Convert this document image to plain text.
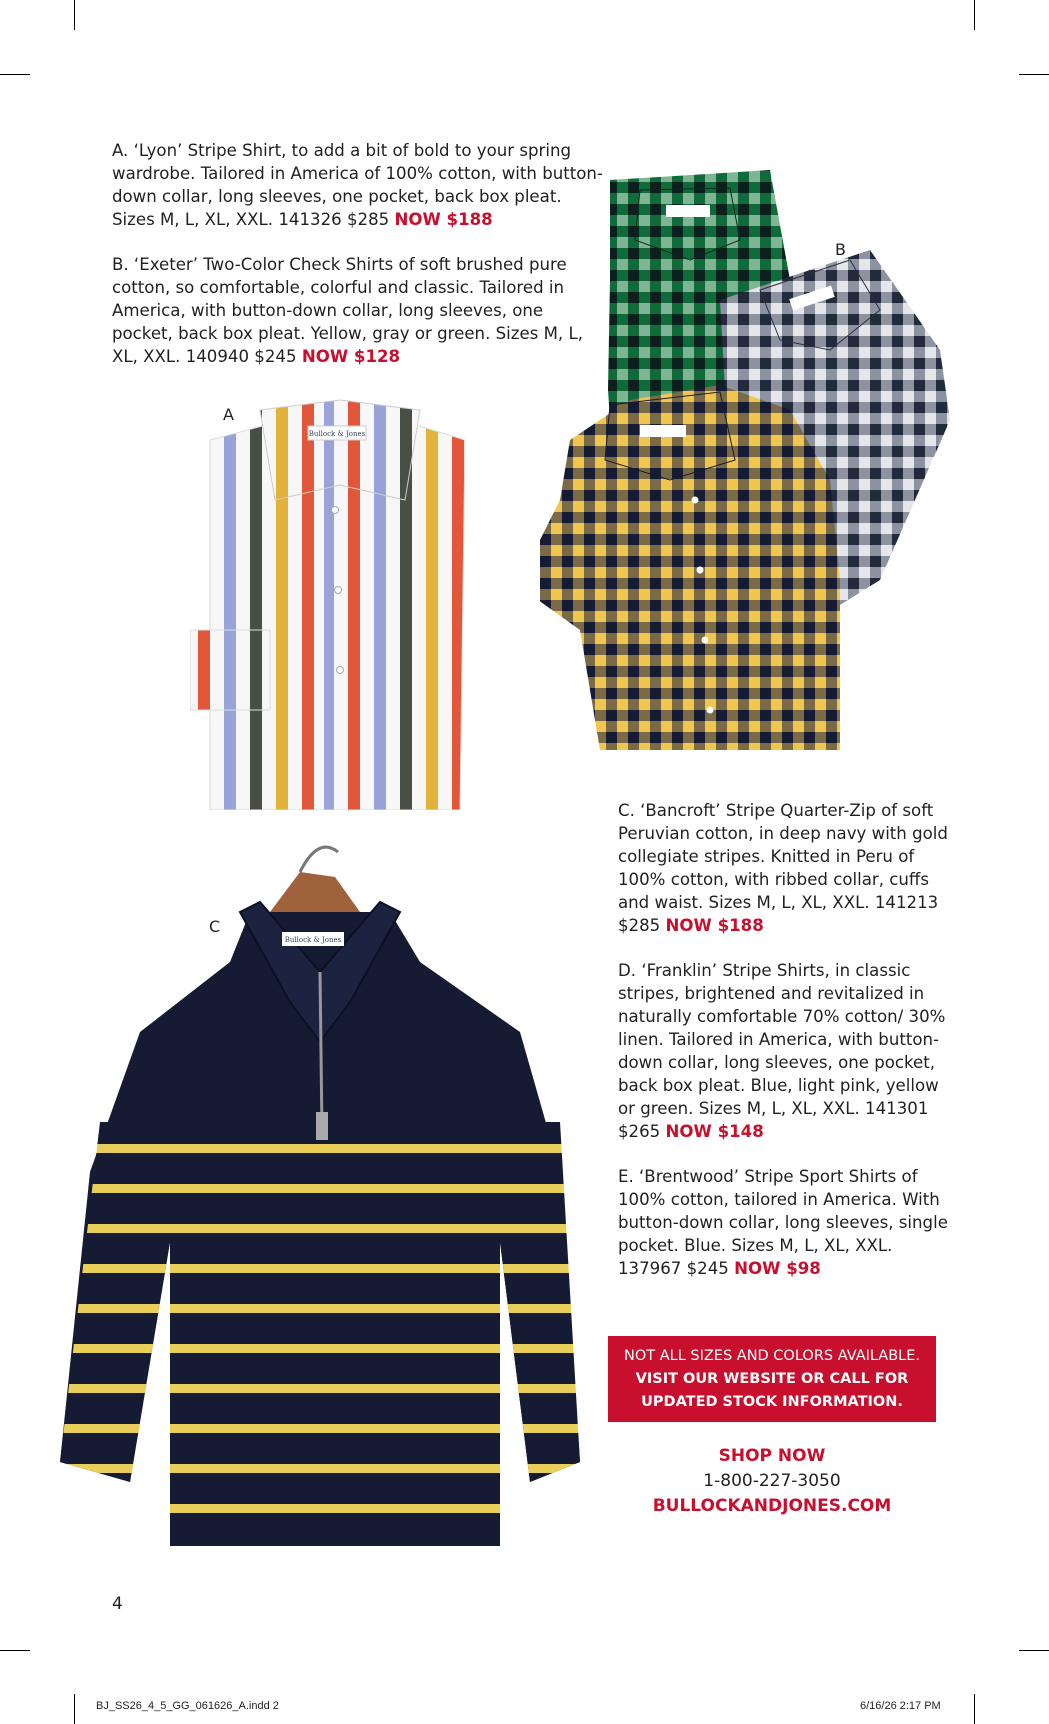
A. ‘Lyon’ Stripe Shirt, to add a bit of bold to your spring wardrobe. Tailored in America of 100% cotton, with button-down collar, long sleeves, one pocket, back box pleat. Sizes M, L, XL, XXL. 141326 $285 NOW $188

B. ‘Exeter’ Two-Color Check Shirts of soft brushed pure cotton, so comfortable, colorful and classic. Tailored in America, with button-down collar, long sleeves, one pocket, back box pleat. Yellow, gray or green. Sizes M, L, XL, XXL. 140940 $245 NOW $128

C. ‘Bancroft’ Stripe Quarter-Zip of soft Peruvian cotton, in deep navy with gold collegiate stripes. Knitted in Peru of 100% cotton, with ribbed collar, cuffs and waist. Sizes M, L, XL, XXL. 141213 $285 NOW $188

D. ‘Franklin’ Stripe Shirts, in classic stripes, brightened and revitalized in naturally comfortable 70% cotton/ 30% linen. Tailored in America, with button-down collar, long sleeves, one pocket, back box pleat. Blue, light pink, yellow or green. Sizes M, L, XL, XXL. 141301 $265 NOW $148

E. ‘Brentwood’ Stripe Sport Shirts of 100% cotton, tailored in America. With button-down collar, long sleeves, single pocket. Blue. Sizes M, L, XL, XXL. 137967 $245 NOW $98

A
B
C
Bullock & Jones
Bullock & Jones
NOT ALL SIZES AND COLORS AVAILABLE.
VISIT OUR WEBSITE OR CALL FOR
UPDATED STOCK INFORMATION.
SHOP NOW
1-800-227-3050
BULLOCKANDJONES.COM
4
BJ_SS26_4_5_GG_061626_A.indd 2	6/16/26 2:17 PM
